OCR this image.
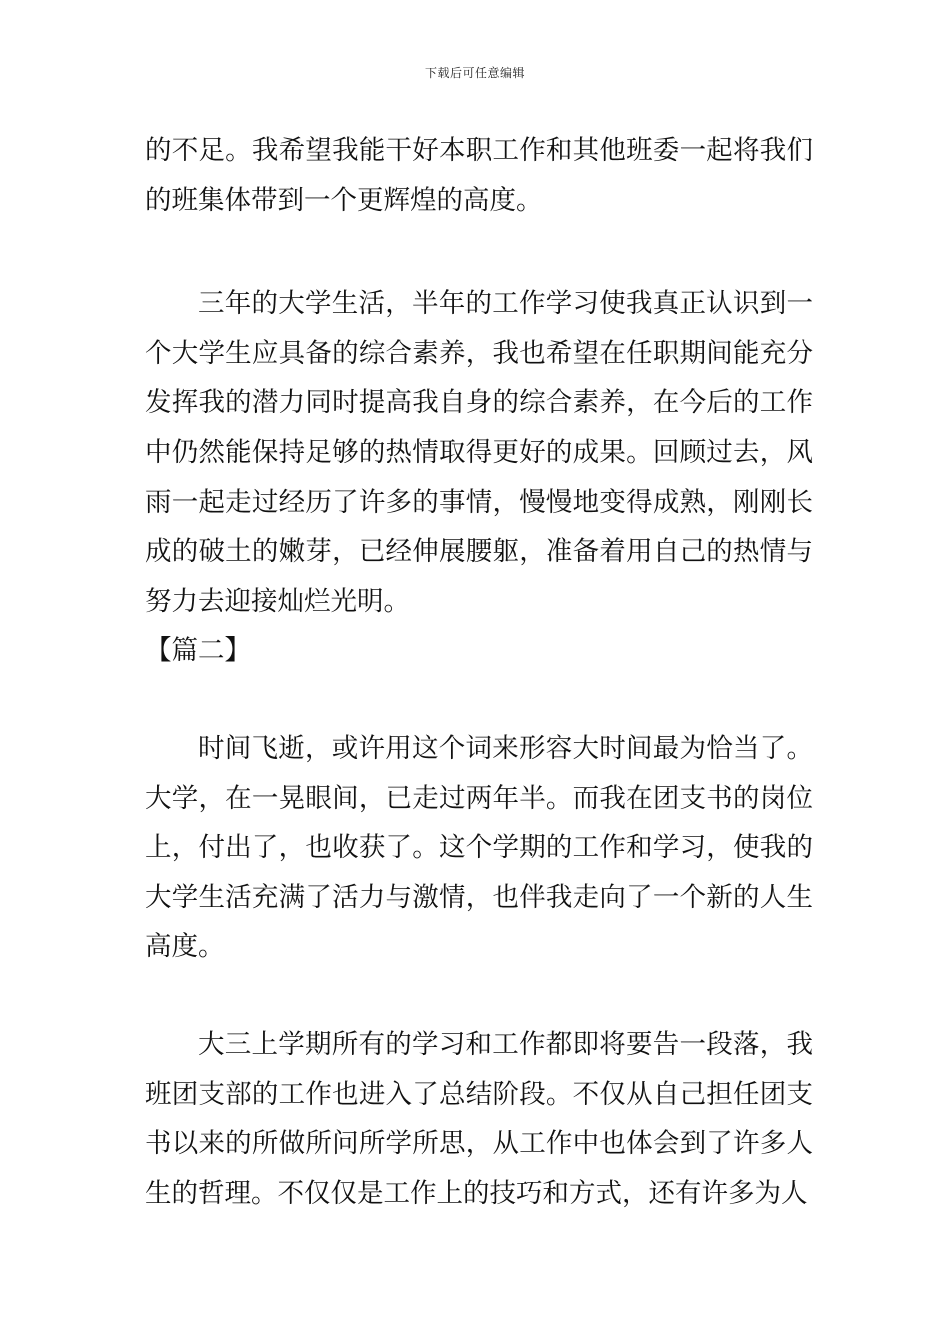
下载后可任意编辑

的不足。我希望我能干好本职工作和其他班委一起将我们的班集体带到一个更辉煌的高度。

三年的大学生活，半年的工作学习使我真正认识到一个大学生应具备的综合素养，我也希望在任职期间能充分发挥我的潜力同时提高我自身的综合素养，在今后的工作中仍然能保持足够的热情取得更好的成果。回顾过去，风雨一起走过经历了许多的事情，慢慢地变得成熟，刚刚长成的破土的嫩芽，已经伸展腰躯，准备着用自己的热情与努力去迎接灿烂光明。

【篇二】

时间飞逝，或许用这个词来形容大时间最为恰当了。大学，在一晃眼间，已走过两年半。而我在团支书的岗位上，付出了，也收获了。这个学期的工作和学习，使我的大学生活充满了活力与激情，也伴我走向了一个新的人生高度。

大三上学期所有的学习和工作都即将要告一段落，我班团支部的工作也进入了总结阶段。不仅从自己担任团支书以来的所做所问所学所思，从工作中也体会到了许多人生的哲理。不仅仅是工作上的技巧和方式，还有许多为人
